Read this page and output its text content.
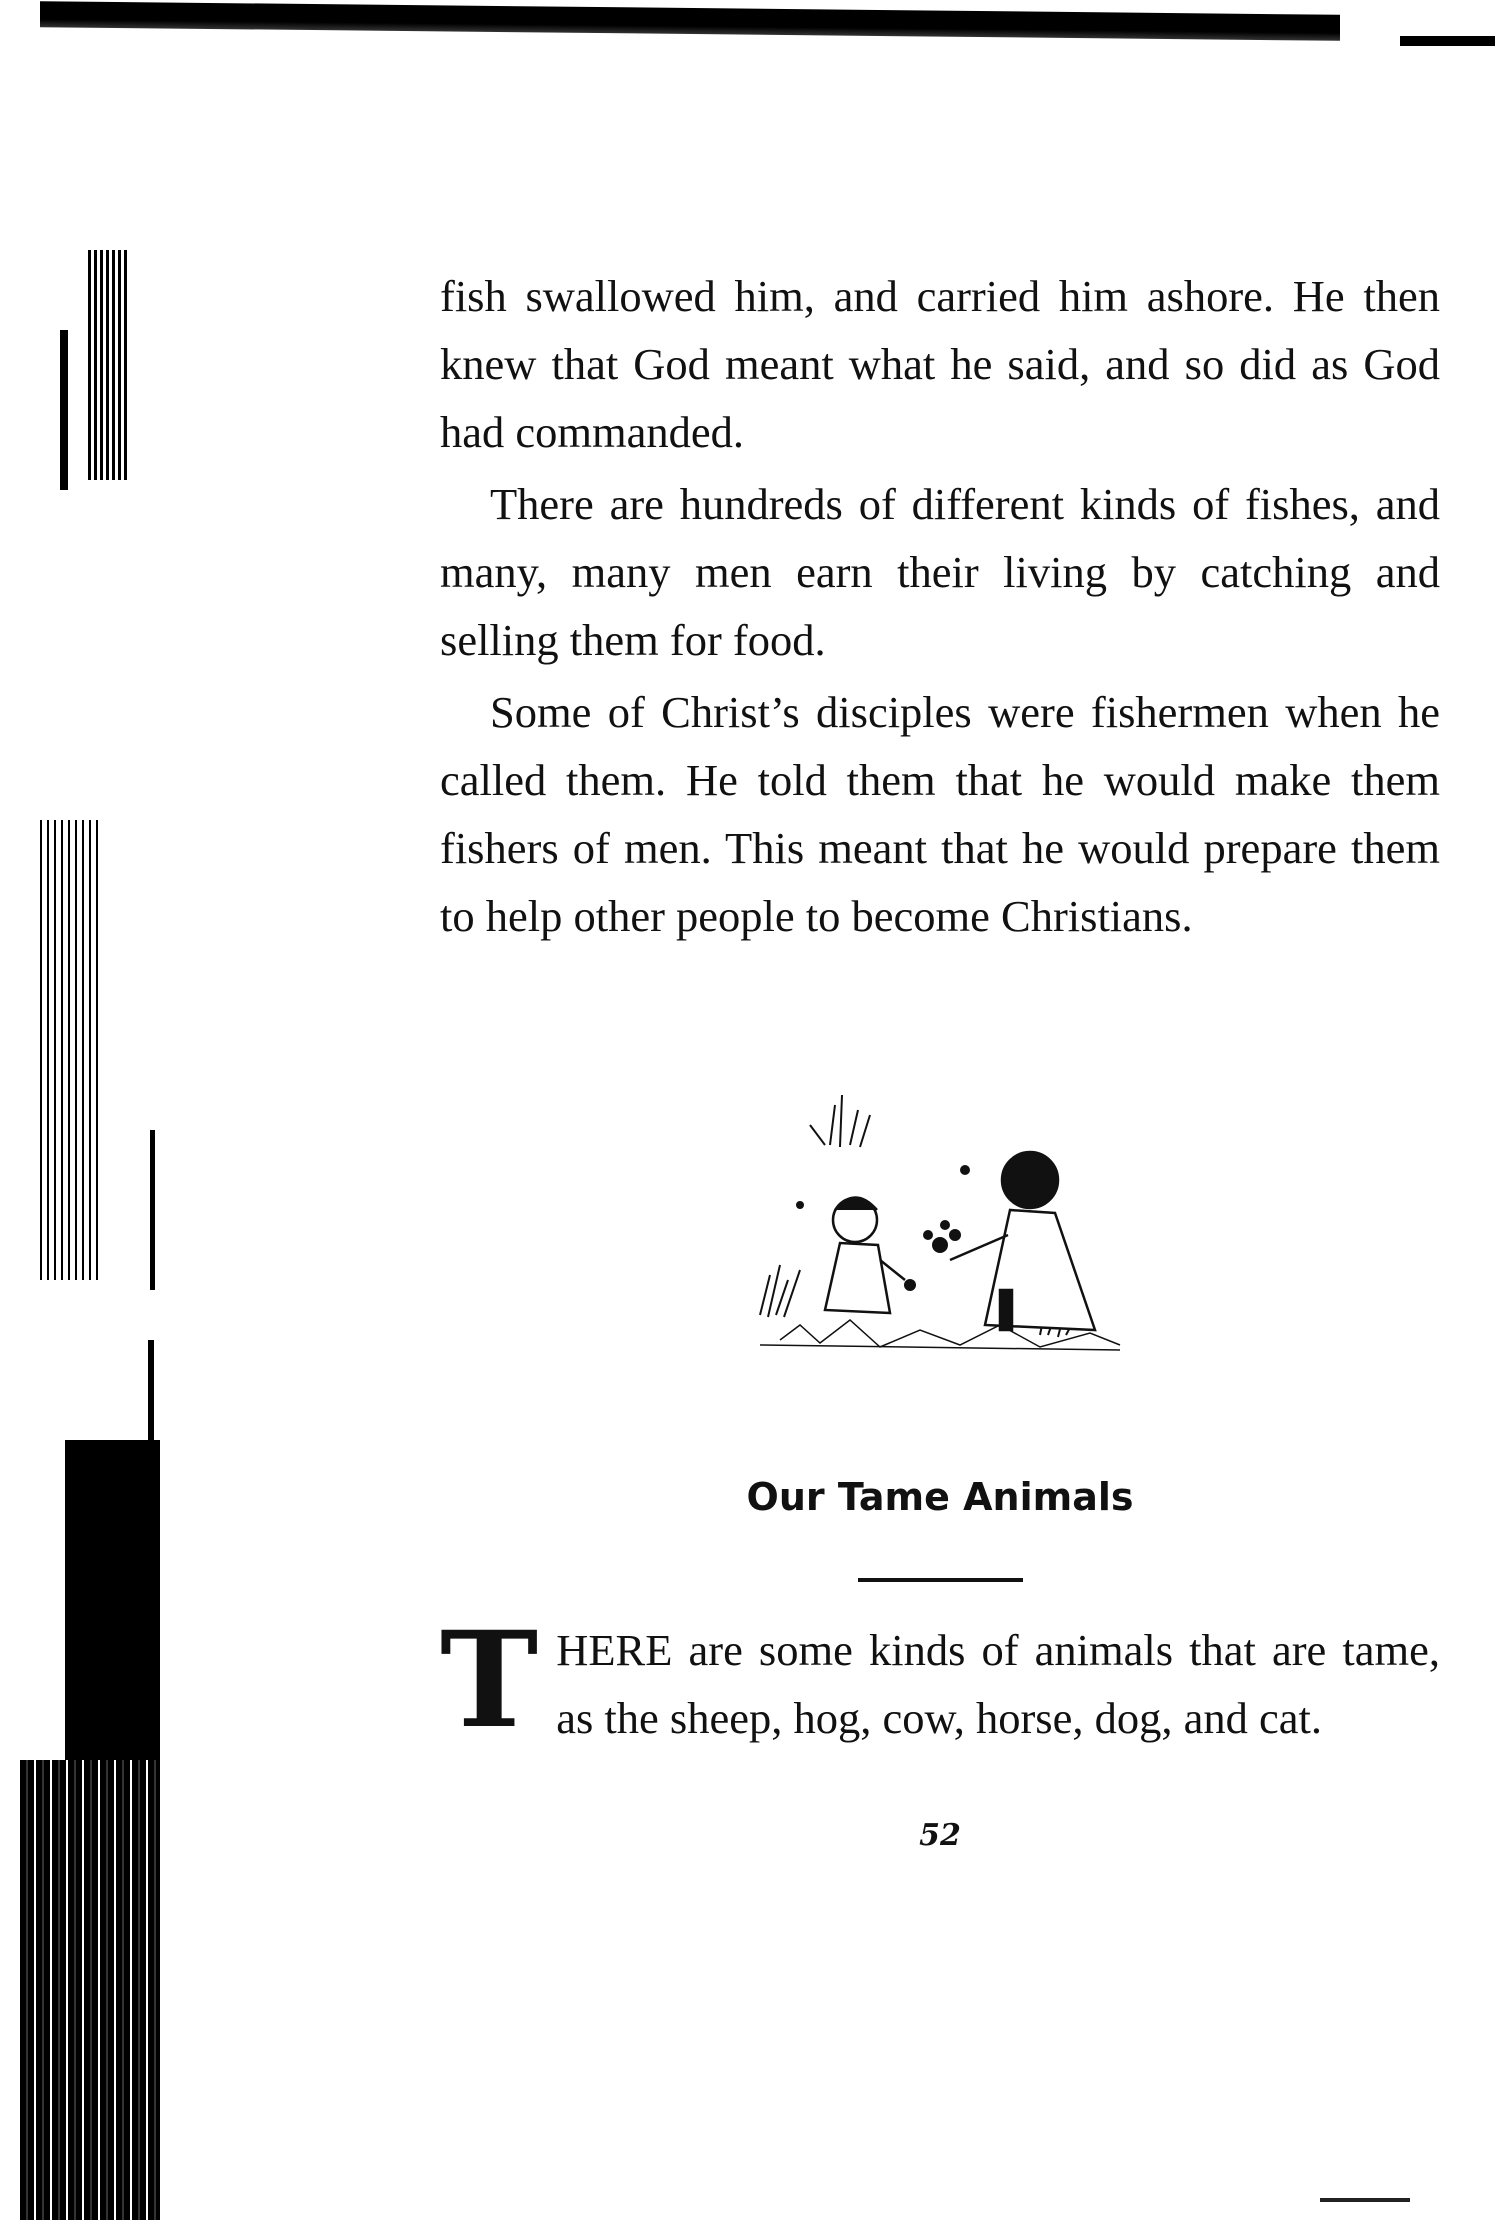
fish swallowed him, and carried him ashore. He then knew that God meant what he said, and so did as God had commanded.

There are hundreds of different kinds of fishes, and many, many men earn their living by catching and selling them for food.

Some of Christ’s disciples were fishermen when he called them. He told them that he would make them fishers of men. This meant that he would prepare them to help other people to become Christians.

Our Tame Animals
T HERE are some kinds of animals that are tame, as the sheep, hog, cow, horse, dog, and cat.
52
